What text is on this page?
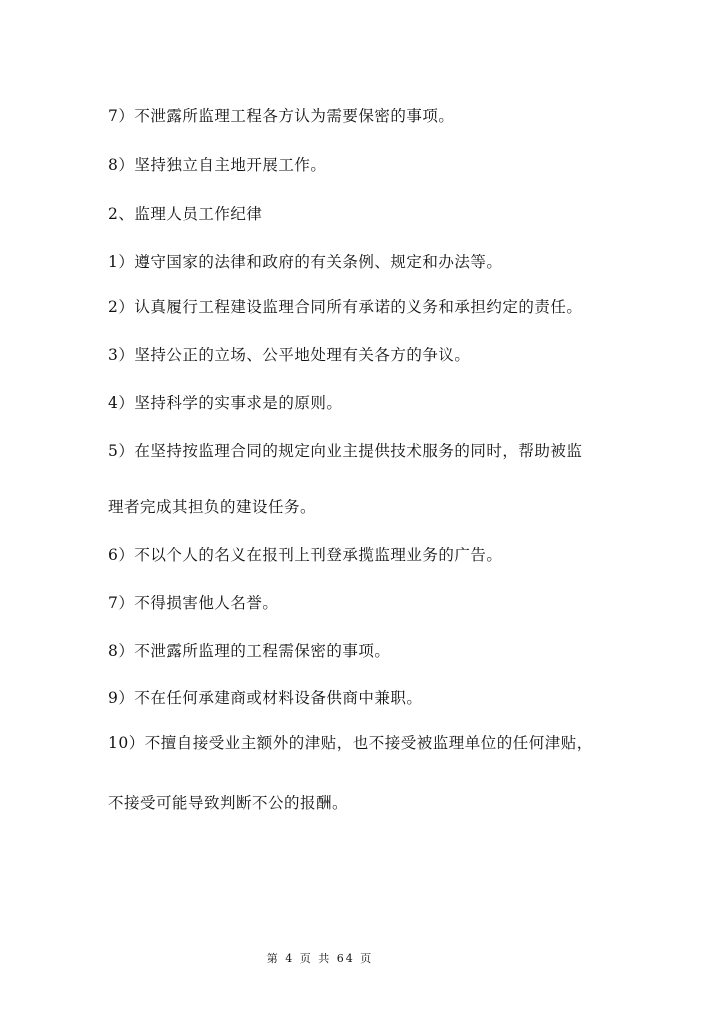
7）不泄露所监理工程各方认为需要保密的事项。
8）坚持独立自主地开展工作。
2、监理人员工作纪律
1）遵守国家的法律和政府的有关条例、规定和办法等。
2）认真履行工程建设监理合同所有承诺的义务和承担约定的责任。
3）坚持公正的立场、公平地处理有关各方的争议。
4）坚持科学的实事求是的原则。
5）在坚持按监理合同的规定向业主提供技术服务的同时，帮助被监
理者完成其担负的建设任务。
6）不以个人的名义在报刊上刊登承揽监理业务的广告。
7）不得损害他人名誉。
8）不泄露所监理的工程需保密的事项。
9）不在任何承建商或材料设备供商中兼职。
10）不擅自接受业主额外的津贴，也不接受被监理单位的任何津贴，
不接受可能导致判断不公的报酬。
第 4 页 共 64 页
